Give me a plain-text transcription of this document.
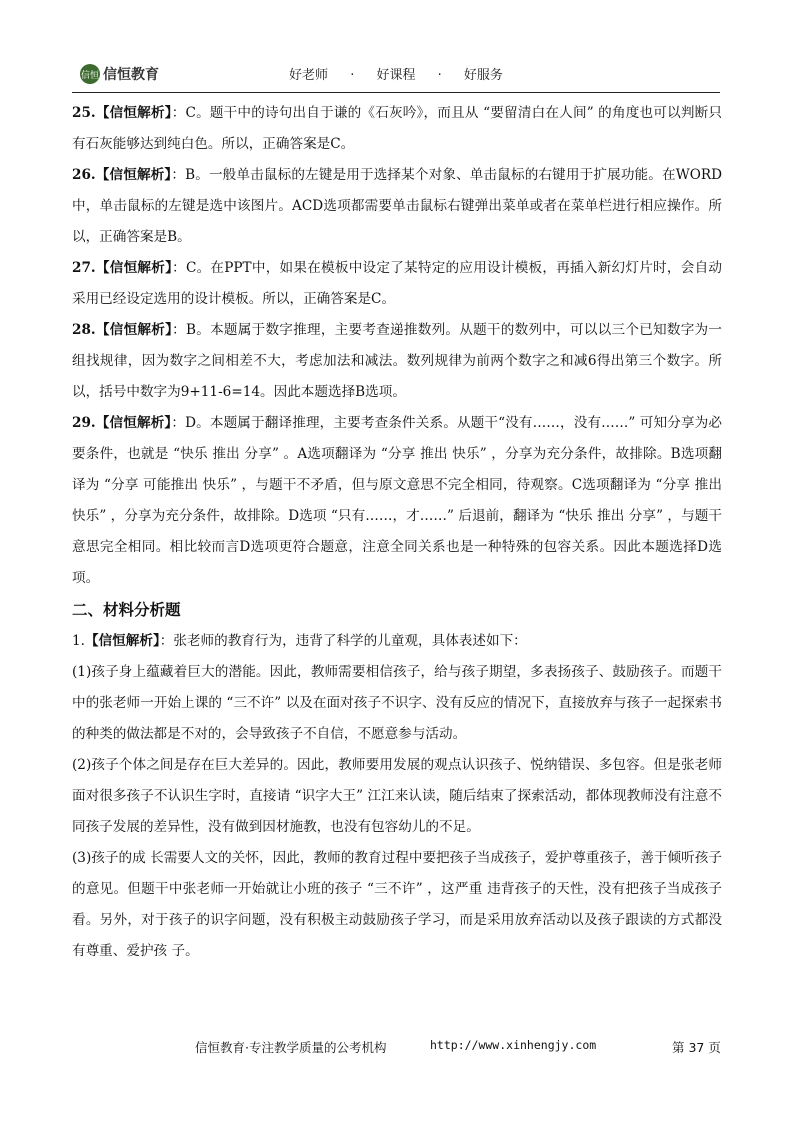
信恒 信恒教育	好老师 · 好课程 · 好服务

25.【信恒解析】：C。题干中的诗句出自于谦的《石灰吟》，而且从 “要留清白在人间” 的角度也可以判断只有石灰能够达到纯白色。所以，正确答案是C。

26.【信恒解析】：B。一般单击鼠标的左键是用于选择某个对象、单击鼠标的右键用于扩展功能。在WORD中，单击鼠标的左键是选中该图片。ACD选项都需要单击鼠标右键弹出菜单或者在菜单栏进行相应操作。所以，正确答案是B。

27.【信恒解析】：C。在PPT中，如果在模板中设定了某特定的应用设计模板，再插入新幻灯片时，会自动采用已经设定选用的设计模板。所以，正确答案是C。

28.【信恒解析】：B。本题属于数字推理，主要考查递推数列。从题干的数列中，可以以三个已知数字为一组找规律，因为数字之间相差不大，考虑加法和减法。数列规律为前两个数字之和减6得出第三个数字。所以，括号中数字为9+11-6=14。因此本题选择B选项。

29.【信恒解析】：D。本题属于翻译推理，主要考查条件关系。从题干“没有……，没有……” 可知分享为必要条件，也就是 “快乐 推出 分享” 。A选项翻译为 “分享 推出 快乐” ，分享为充分条件，故排除。B选项翻译为 “分享 可能推出 快乐” ，与题干不矛盾，但与原文意思不完全相同，待观察。C选项翻译为 “分享 推出 快乐” ，分享为充分条件，故排除。D选项 “只有……，才……” 后退前，翻译为 “快乐 推出 分享” ，与题干意思完全相同。相比较而言D选项更符合题意，注意全同关系也是一种特殊的包容关系。因此本题选择D选项。

二、材料分析题

1.【信恒解析】：张老师的教育行为，违背了科学的儿童观，具体表述如下：

(1)孩子身上蕴藏着巨大的潜能。因此，教师需要相信孩子，给与孩子期望，多表扬孩子、鼓励孩子。而题干中的张老师一开始上课的 “三不许” 以及在面对孩子不识字、没有反应的情况下，直接放弃与孩子一起探索书的种类的做法都是不对的，会导致孩子不自信，不愿意参与活动。

(2)孩子个体之间是存在巨大差异的。因此，教师要用发展的观点认识孩子、悦纳错误、多包容。但是张老师面对很多孩子不认识生字时，直接请 “识字大王” 江江来认读，随后结束了探索活动，都体现教师没有注意不同孩子发展的差异性，没有做到因材施教，也没有包容幼儿的不足。

(3)孩子的成 长需要人文的关怀，因此，教师的教育过程中要把孩子当成孩子，爱护尊重孩子，善于倾听孩子的意见。但题干中张老师一开始就让小班的孩子 “三不许” ，这严重 违背孩子的天性，没有把孩子当成孩子看。另外，对于孩子的识字问题，没有积极主动鼓励孩子学习，而是采用放弃活动以及孩子跟读的方式都没有尊重、爱护孩 子。

信恒教育·专注教学质量的公考机构	http://www.xinhengjy.com	第 37 页
